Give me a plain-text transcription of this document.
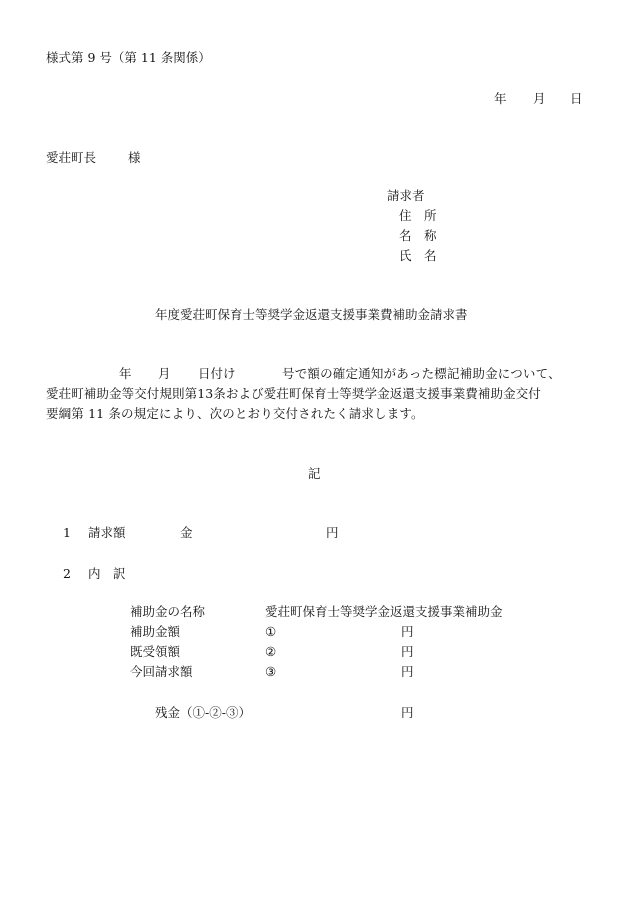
様式第 9 号（第 11 条関係）
年 月 日
愛荘町長	様
請求者
住　所
名　称
氏　名
年度愛荘町保育士等奨学金返還支援事業費補助金請求書
年 月 日付け	号で額の確定通知があった標記補助金について、
愛荘町補助金等交付規則第13条および愛荘町保育士等奨学金返還支援事業費補助金交付
要綱第 11 条の規定により、次のとおり交付されたく請求します。
記
1 請求額	金	円
2 内　訳
補助金の名称	愛荘町保育士等奨学金返還支援事業補助金
補助金額	①	円
既受領額	②	円
今回請求額	③	円
残金（①-②-③）	円
